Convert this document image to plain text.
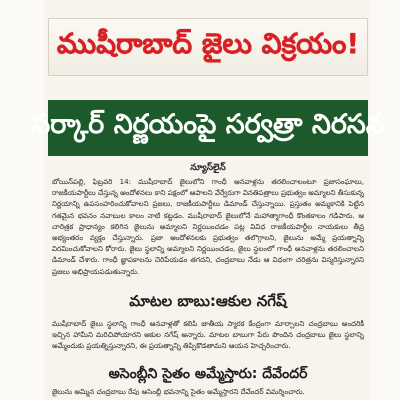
ముషీరాబాద్ జైలు విక్రయం!
సర్కార్ నిర్ణయంపై సర్వత్రా నిరసన
న్యూస్‌లైన్

బోయిన్‌పల్లి, ఫిబ్రవరి 14: ముషీరాబాద్ జైలులోని గాంధీ ఆనవాళ్లను తరలించాలంటూ ప్రజాసంఘాలు, రాజకీయపార్టీలు చేస్తున్న ఆందోళనలు కాని పక్షంలో ఆపాలని వేర్వేరుగా వినతిపత్రాలు ప్రభుత్వం అమ్మాలని తీసుకున్న నిర్ణయాన్ని ఉపసంహరించుకోవాలని ప్రజలు, రాజకీయపార్టీలు డిమాండ్ చేస్తున్నాయి. ప్రస్తుతం అమ్మకానికి పెట్టిన గతమైన భవనం నవాబుల కాలం నాటి కట్టడం. ముషీరాబాద్ జైలులోనే మహాత్మాగాంధీ కొంతకాలం గడిపారు. ఆ చారిత్రక ప్రాధాన్యం కలిగిన జైలును అమ్మాలని నిర్ణయించడం పట్ల వివిధ రాజకీయపార్టీల నాయకులు తీవ్ర అభ్యంతరం వ్యక్తం చేస్తున్నారు. ప్రజా ఆందోళనలకు ప్రభుత్వం తలొగ్గాలని, జైలును అమ్మే ప్రయత్నాన్ని విరమించుకోవాలని కోరారు. జైలు స్థలాన్ని అమ్మాలని నిర్ణయించడం, జైలు స్థలంలో గాంధీ ఆనవాళ్లను తరలించాలని డిమాండ్ చేశారు. గాంధీ జ్ఞాపకాలను చెరిపేయడం తగదని, చంద్రబాబు నేడు ఆ విధంగా చరిత్రను విస్మరిస్తున్నారని ప్రజలు అభిప్రాయపడుతున్నారు.

మాటల బాబు:ఆకుల నగేష్

ముషీరాబాద్ జైలు స్థలాన్ని గాంధీ ఆనవాళ్లతో కలిపి జాతీయ స్మారక కేంద్రంగా మార్చాలని చంద్రబాబు అందరికీ ఇచ్చిన హామీని మరిచిపోయారని ఆకుల నగేష్ అన్నారు. మాటల బాబుగా పేరు పొందిన చంద్రబాబు జైలు స్థలాన్ని అమ్మేందుకు ప్రయత్నిస్తున్నారని, ఈ ప్రయత్నాన్ని తిప్పికొడతామని ఆయన హెచ్చరించారు.

అసెంబ్లీని సైతం అమ్మేస్తారు: దేవేందర్

జైలును అమ్మిన చంద్రబాబు రేపు అసెంబ్లీ భవనాన్ని సైతం అమ్మేస్తారని దేవేందర్ విమర్శించారు.
